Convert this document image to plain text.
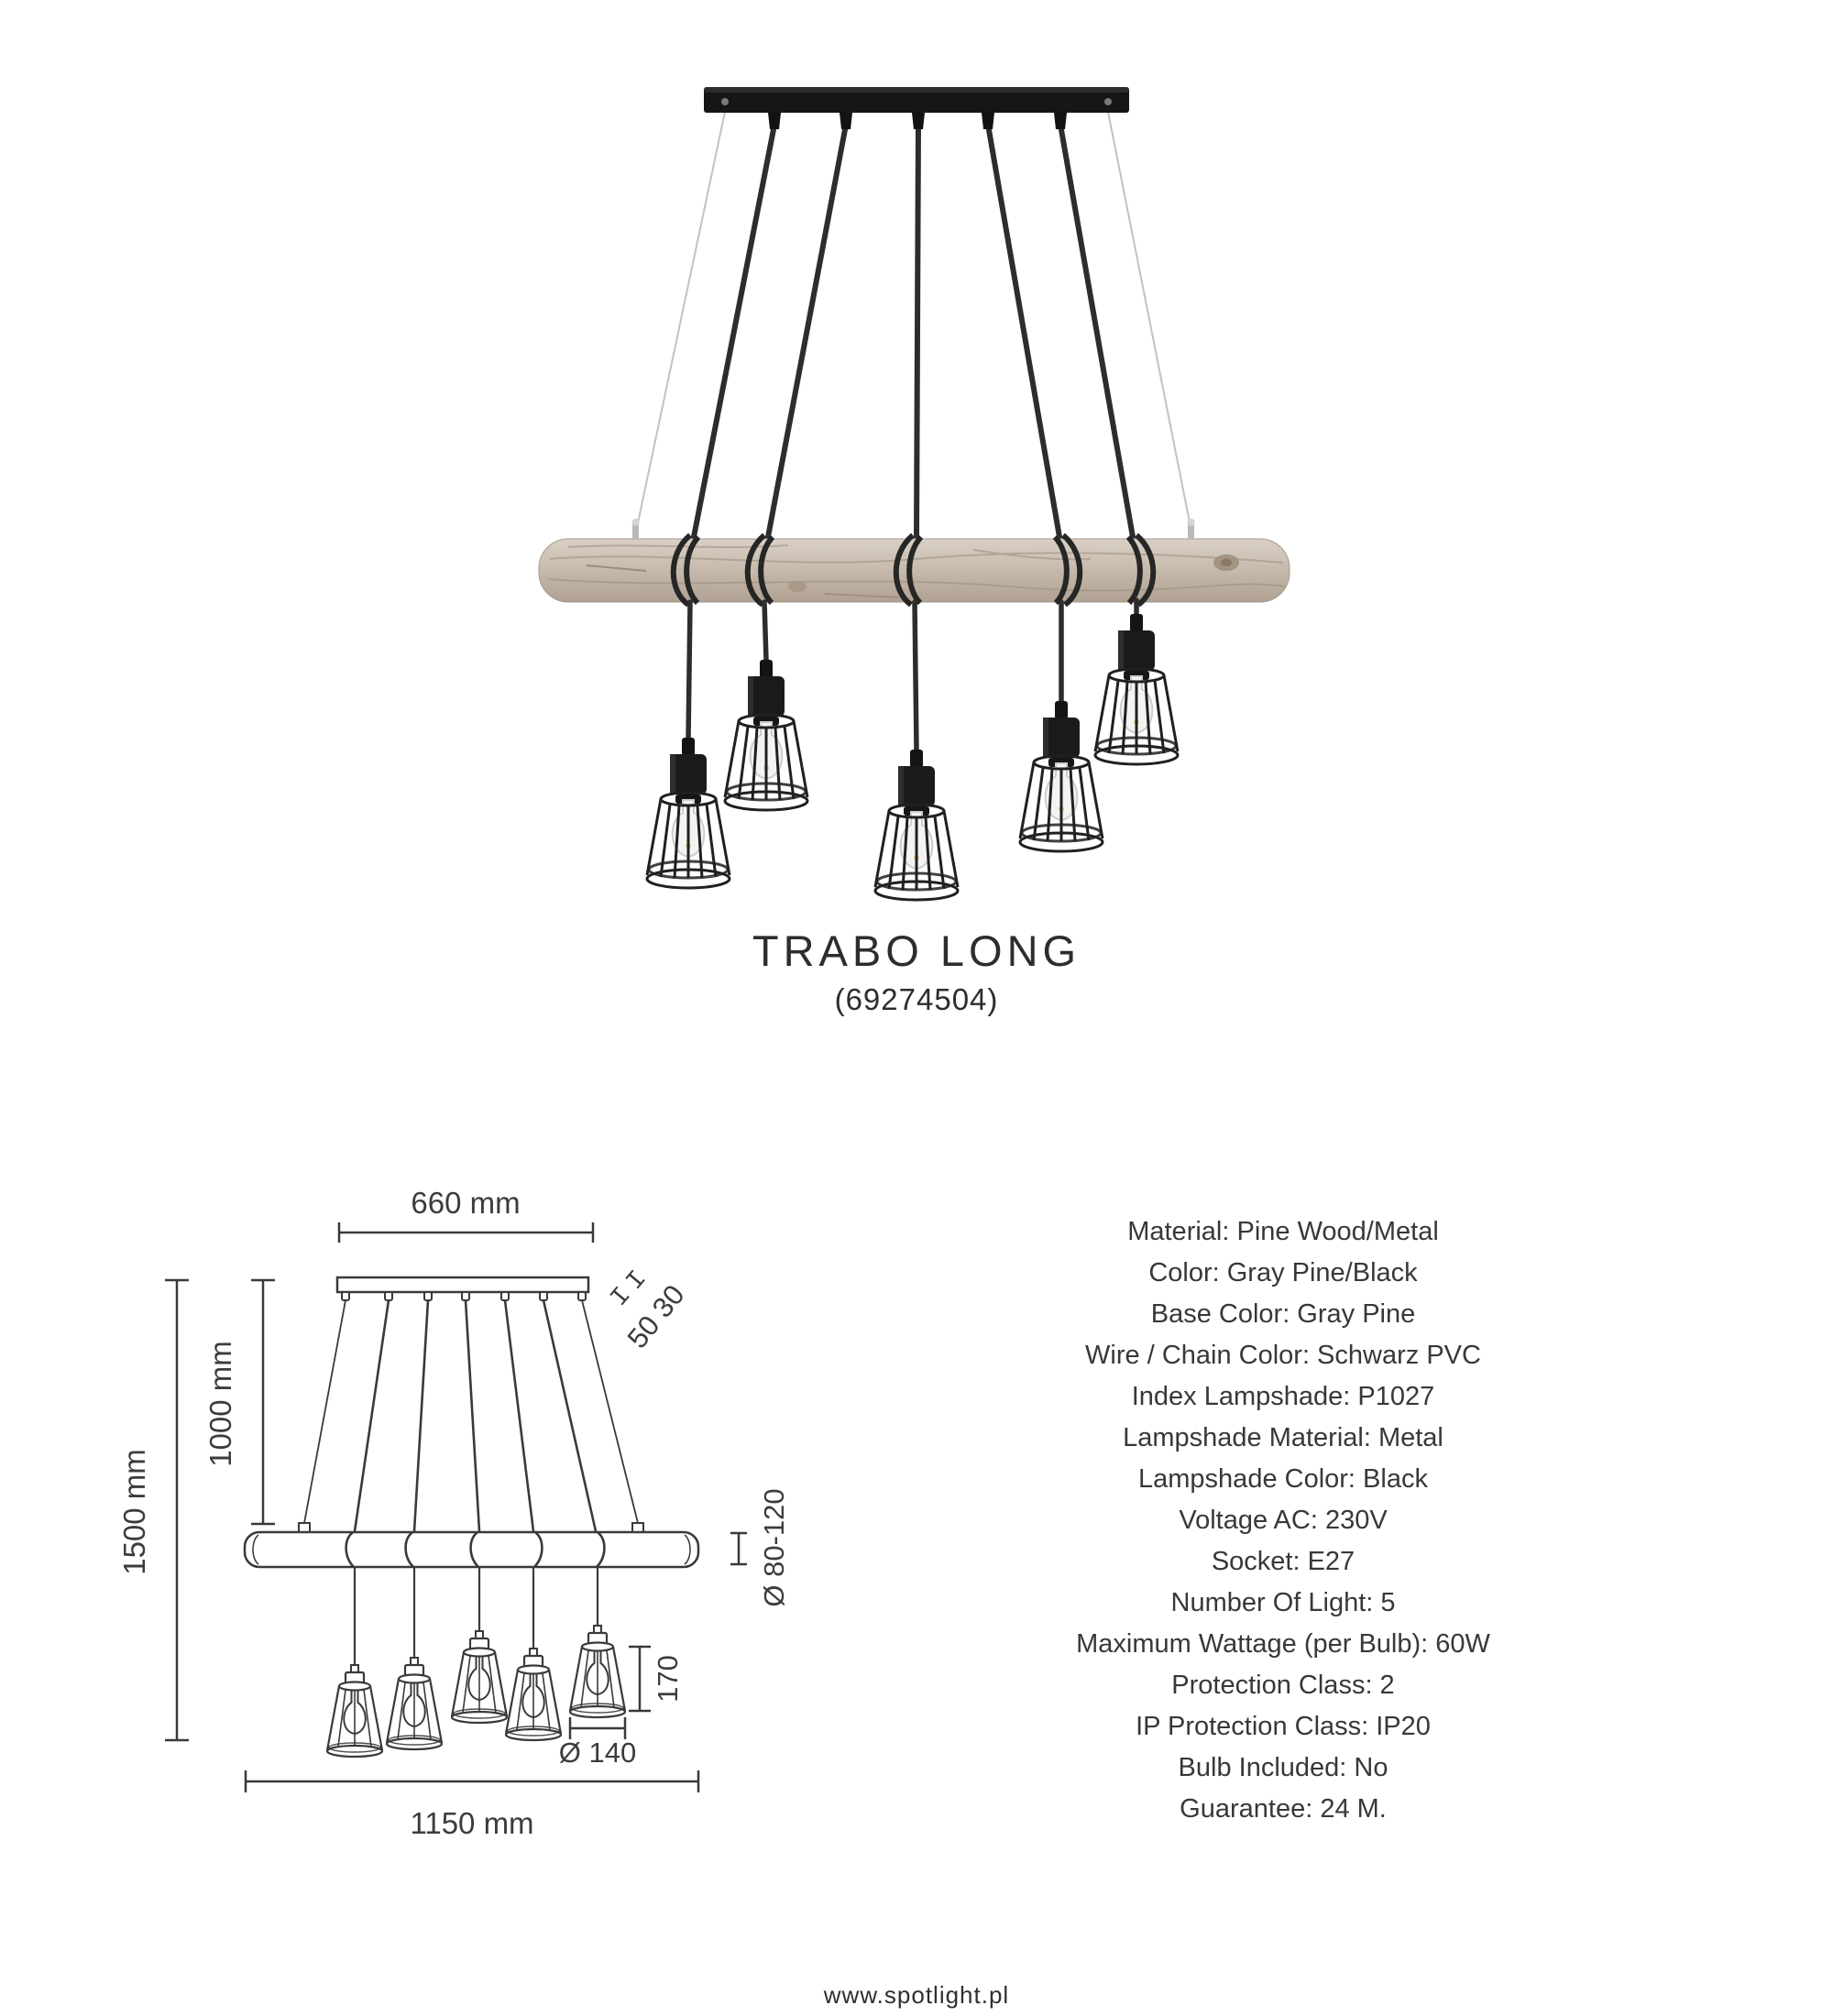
TRABO LONG
(69274504)
660 mm
1500 mm
1000 mm
50 30
Ø 80-120
170
Ø 140
1150 mm
Material: Pine Wood/Metal
Color: Gray Pine/Black
Base Color: Gray Pine
Wire / Chain Color: Schwarz PVC
Index Lampshade: P1027
Lampshade Material: Metal
Lampshade Color: Black
Voltage AC: 230V
Socket: E27
Number Of Light: 5
Maximum Wattage (per Bulb): 60W
Protection Class: 2
IP Protection Class: IP20
Bulb Included: No
Guarantee: 24 M.
www.spotlight.pl
